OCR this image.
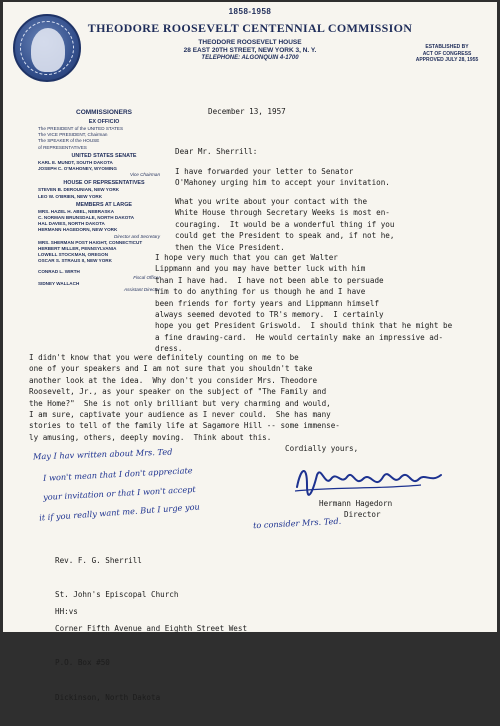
1858-1958
THEODORE ROOSEVELT CENTENNIAL COMMISSION
THEODORE ROOSEVELT HOUSE
28 EAST 20TH STREET, NEW YORK 3, N. Y.
TELEPHONE: ALGONQUIN 4-1700
ESTABLISHED BY
ACT OF CONGRESS
APPROVED JULY 28, 1955
COMMISSIONERS
EX OFFICIO
The PRESIDENT of the UNITED STATES
The VICE PRESIDENT, Chairman
The SPEAKER of the HOUSE
of REPRESENTATIVES
UNITED STATES SENATE
KARL E. MUNDT, SOUTH DAKOTA
JOSEPH C. O'MAHONEY, WYOMING
Vice Chairman
HOUSE OF REPRESENTATIVES
STEVEN B. DEROUNIAN, NEW YORK
LEO W. O'BRIEN, NEW YORK
MEMBERS AT LARGE
MRS. HAZEL H. ABEL, NEBRASKA
C. NORMAN BRUNSDALE, NORTH DAKOTA
HAL DAVIES, NORTH DAKOTA
HERMANN HAGEDORN, NEW YORK
Director and Secretary
MRS. SHERMAN POST HAIGHT, CONNECTICUT
HERBERT MILLER, PENNSYLVANIA
LOWELL STOCKMAN, OREGON
OSCAR S. STRAUS II, NEW YORK
CONRAD L. WIRTH
Fiscal Officer
SIDNEY WALLACH
Assistant Director
December 13, 1957
Dear Mr. Sherrill:
I have forwarded your letter to Senator
O'Mahoney urging him to accept your invitation.
What you write about your contact with the
White House through Secretary Weeks is most en-
couraging.  It would be a wonderful thing if you
could get the President to speak and, if not he,
then the Vice President.
I hope very much that you can get Walter
Lippmann and you may have better luck with him
than I have had.  I have not been able to persuade
him to do anything for us though he and I have
been friends for forty years and Lippmann himself
always seemed devoted to TR's memory.  I certainly
hope you get President Griswold.  I should think that he might be
a fine drawing-card.  He would certainly make an impressive ad-
dress.
I didn't know that you were definitely counting on me to be
one of your speakers and I am not sure that you shouldn't take
another look at the idea.  Why don't you consider Mrs. Theodore
Roosevelt, Jr., as your speaker on the subject of "The Family and
the Home?"  She is not only brilliant but very charming and would,
I am sure, captivate your audience as I never could.  She has many
stories to tell of the family life at Sagamore Hill -- some immense-
ly amusing, others, deeply moving.  Think about this.
Cordially yours,
Hermann Hagedorn
Director

Rev. F. G. Sherrill

St. John's Episcopal Church

Corner Fifth Avenue and Eighth Street West

P.O. Box #50

Dickinson, North Dakota

HH:vs
May I hav written about Mrs. Ted
I won't mean that I don't appreciate
your invitation or that I won't accept
it if you really want me. But I urge you
to consider Mrs. Ted.
